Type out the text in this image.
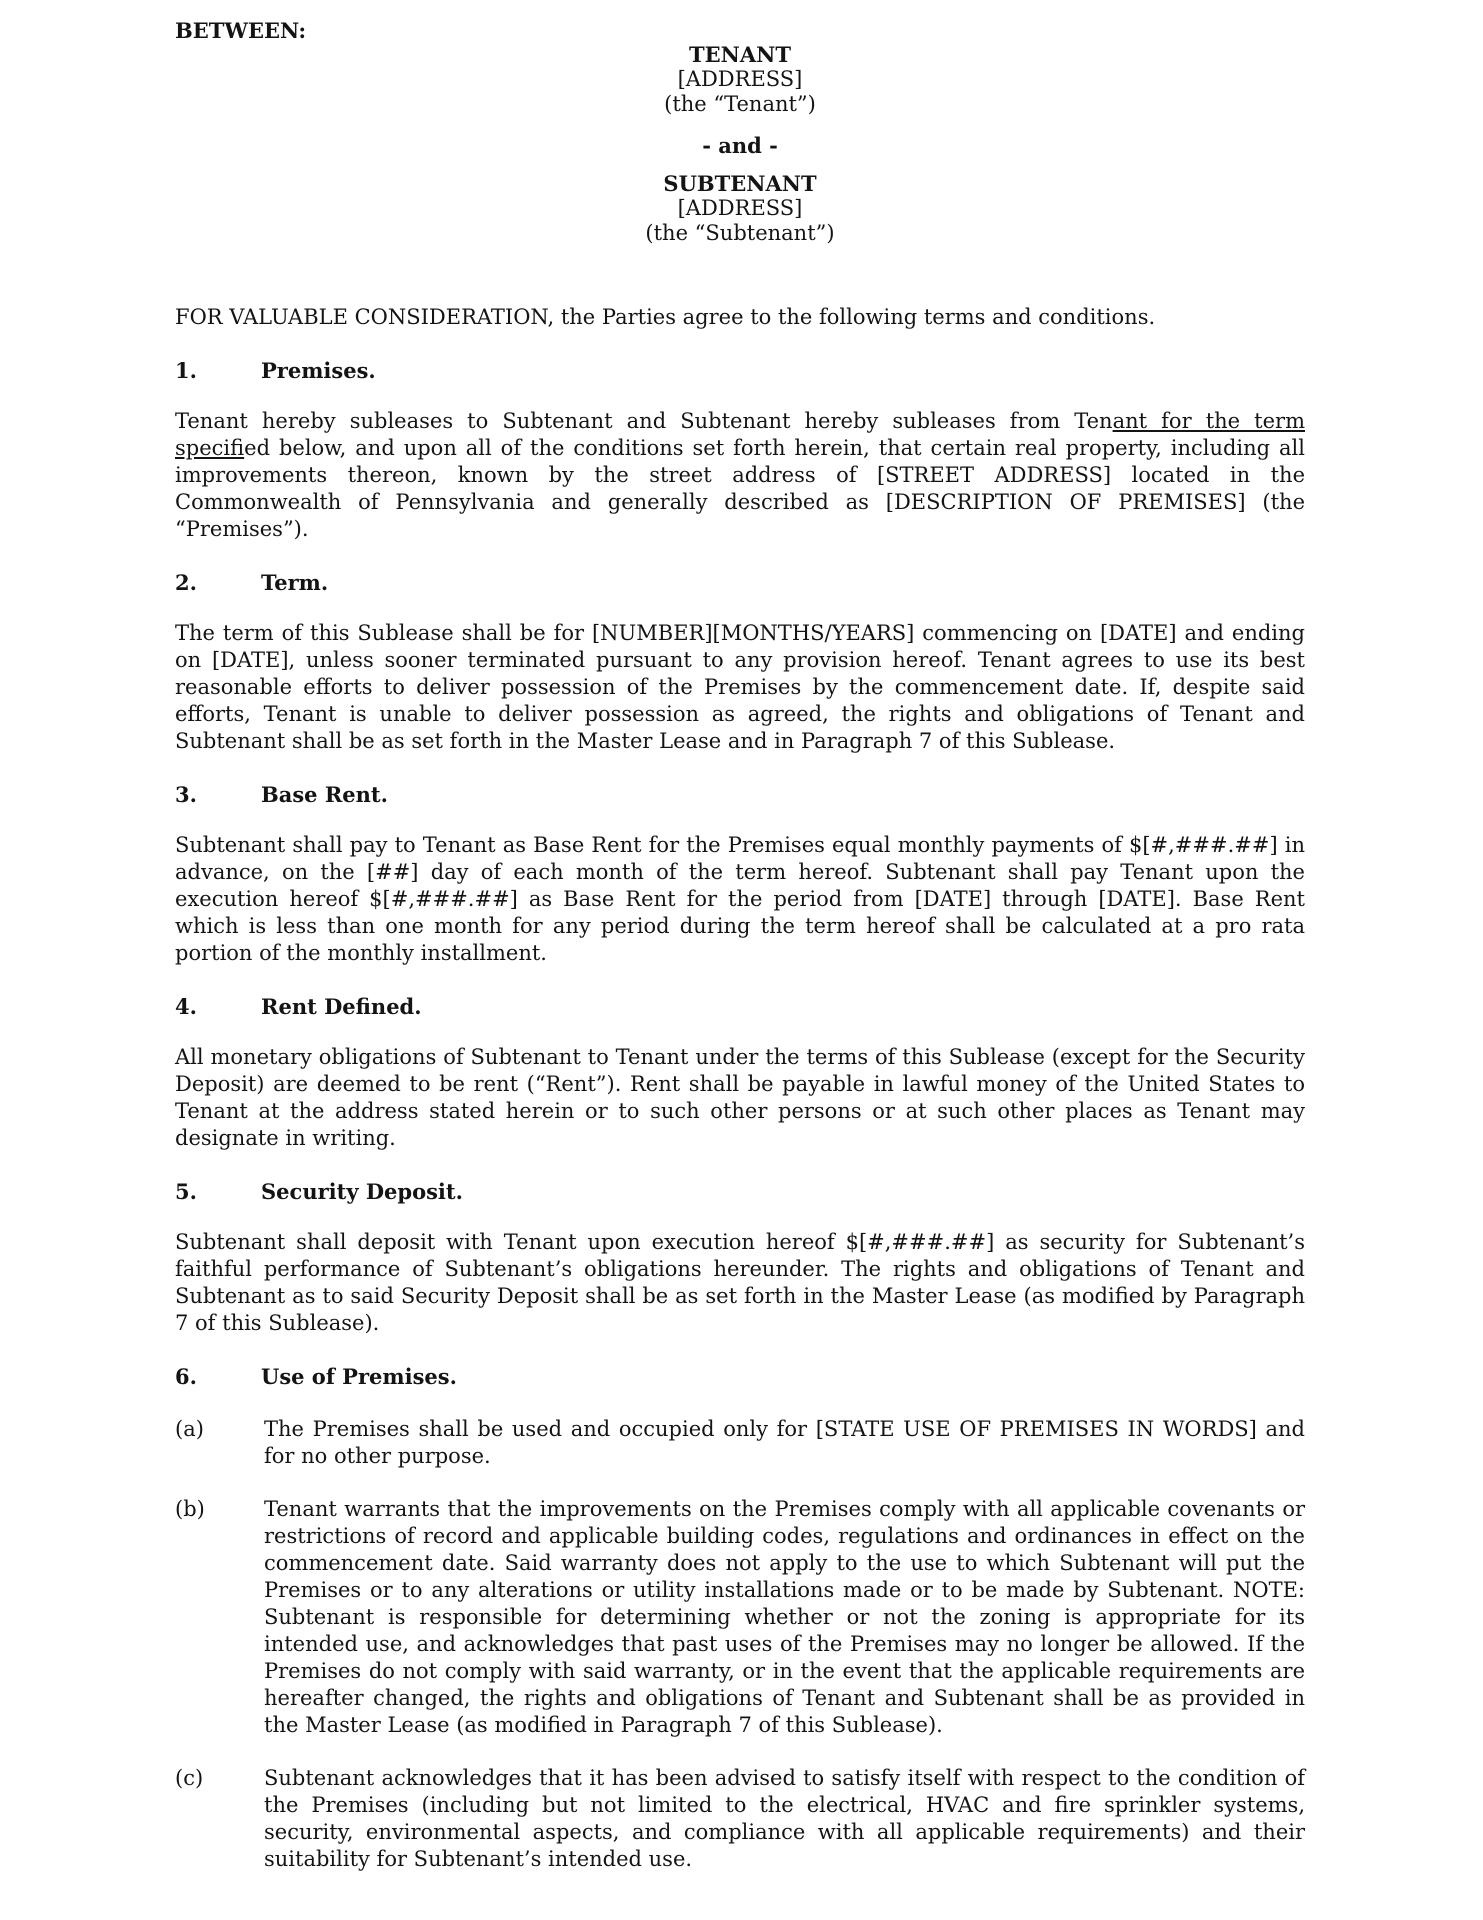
BETWEEN:
TENANT
[ADDRESS]
(the “Tenant”)
- and -
SUBTENANT
[ADDRESS]
(the “Subtenant”)

FOR VALUABLE CONSIDERATION, the Parties agree to the following terms and conditions.

1.	Premises.

Tenant hereby subleases to Subtenant and Subtenant hereby subleases from Tenant for the term specified below, and upon all of the conditions set forth herein, that certain real property, including all improvements thereon, known by the street address of [STREET ADDRESS] located in the Commonwealth of Pennsylvania and generally described as [DESCRIPTION OF PREMISES] (the “Premises”).

2.	Term.

The term of this Sublease shall be for [NUMBER][MONTHS/YEARS] commencing on [DATE] and ending on [DATE], unless sooner terminated pursuant to any provision hereof. Tenant agrees to use its best reasonable efforts to deliver possession of the Premises by the commencement date. If, despite said efforts, Tenant is unable to deliver possession as agreed, the rights and obligations of Tenant and Subtenant shall be as set forth in the Master Lease and in Paragraph 7 of this Sublease.

3.	Base Rent.

Subtenant shall pay to Tenant as Base Rent for the Premises equal monthly payments of $[#,###.##] in advance, on the [##] day of each month of the term hereof. Subtenant shall pay Tenant upon the execution hereof $[#,###.##] as Base Rent for the period from [DATE] through [DATE]. Base Rent which is less than one month for any period during the term hereof shall be calculated at a pro rata portion of the monthly installment.

4.	Rent Defined.

All monetary obligations of Subtenant to Tenant under the terms of this Sublease (except for the Security Deposit) are deemed to be rent (“Rent”). Rent shall be payable in lawful money of the United States to Tenant at the address stated herein or to such other persons or at such other places as Tenant may designate in writing.

5.	Security Deposit.

Subtenant shall deposit with Tenant upon execution hereof $[#,###.##] as security for Subtenant’s faithful performance of Subtenant’s obligations hereunder. The rights and obligations of Tenant and Subtenant as to said Security Deposit shall be as set forth in the Master Lease (as modified by Paragraph 7 of this Sublease).

6.	Use of Premises.
(a)	The Premises shall be used and occupied only for [STATE USE OF PREMISES IN WORDS] and for no other purpose.
(b)	Tenant warrants that the improvements on the Premises comply with all applicable covenants or restrictions of record and applicable building codes, regulations and ordinances in effect on the commencement date. Said warranty does not apply to the use to which Subtenant will put the Premises or to any alterations or utility installations made or to be made by Subtenant. NOTE: Subtenant is responsible for determining whether or not the zoning is appropriate for its intended use, and acknowledges that past uses of the Premises may no longer be allowed. If the Premises do not comply with said warranty, or in the event that the applicable requirements are hereafter changed, the rights and obligations of Tenant and Subtenant shall be as provided in the Master Lease (as modified in Paragraph 7 of this Sublease).
(c)	Subtenant acknowledges that it has been advised to satisfy itself with respect to the condition of the Premises (including but not limited to the electrical, HVAC and fire sprinkler systems, security, environmental aspects, and compliance with all applicable requirements) and their suitability for Subtenant’s intended use.
